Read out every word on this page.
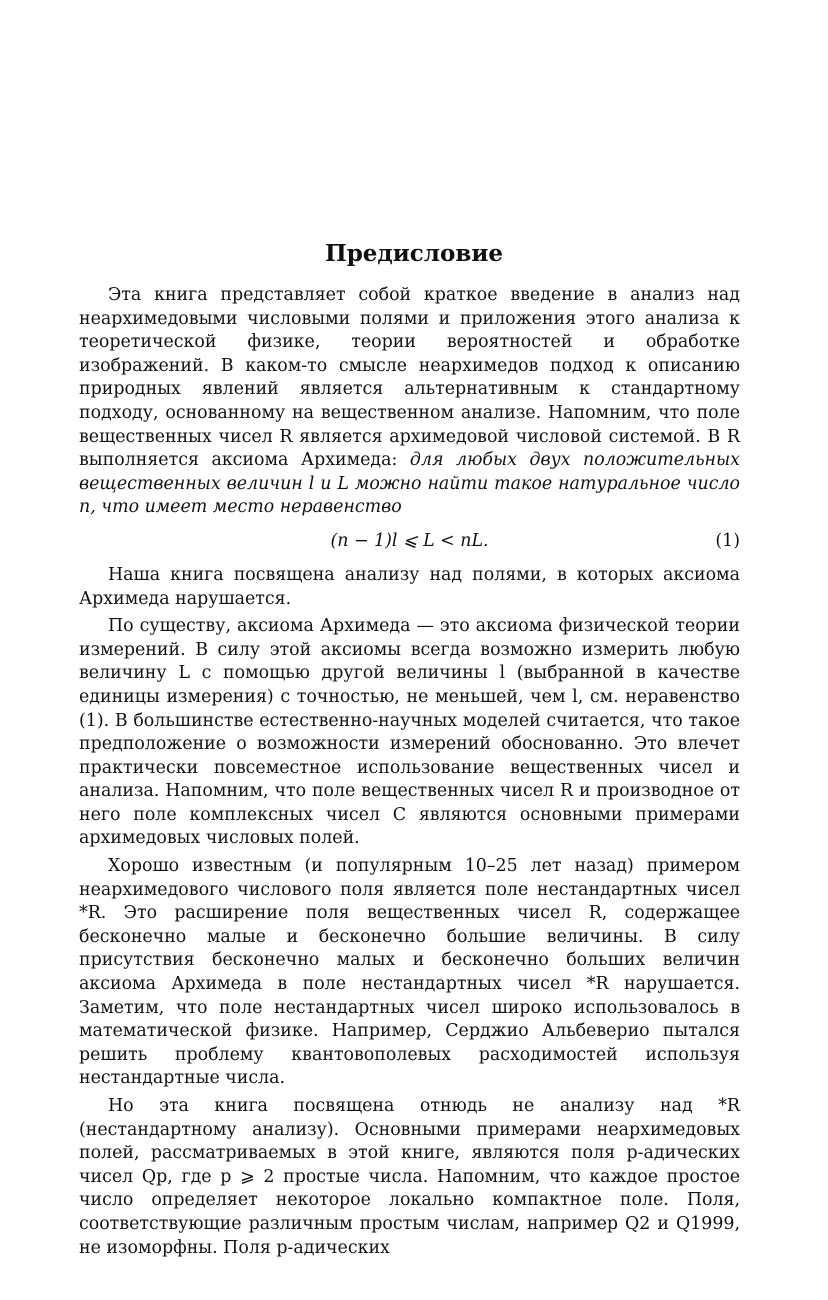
Предисловие

Эта книга представляет собой краткое введение в анализ над неархимедовыми числовыми полями и приложения этого анализа к теоретической физике, теории вероятностей и обработке изображений. В каком-то смысле неархимедов подход к описанию природных явлений является альтернативным к стандартному подходу, основанному на вещественном анализе. Напомним, что поле вещественных чисел R является архимедовой числовой системой. В R выполняется аксиома Архимеда: для любых двух положительных вещественных величин l и L можно найти такое натуральное число n, что имеет место неравенство

(n − 1)l ⩽ L < nL.	(1)

Наша книга посвящена анализу над полями, в которых аксиома Архимеда нарушается.

По существу, аксиома Архимеда — это аксиома физической теории измерений. В силу этой аксиомы всегда возможно измерить любую величину L с помощью другой величины l (выбранной в качестве единицы измерения) с точностью, не меньшей, чем l, см. неравенство (1). В большинстве естественно-научных моделей считается, что такое предположение о возможности измерений обоснованно. Это влечет практически повсеместное использование вещественных чисел и анализа. Напомним, что поле вещественных чисел R и производное от него поле комплексных чисел C являются основными примерами архимедовых числовых полей.

Хорошо известным (и популярным 10–25 лет назад) примером неархимедового числового поля является поле нестандартных чисел *R. Это расширение поля вещественных чисел R, содержащее бесконечно малые и бесконечно большие величины. В силу присутствия бесконечно малых и бесконечно больших величин аксиома Архимеда в поле нестандартных чисел *R нарушается. Заметим, что поле нестандартных чисел широко использовалось в математической физике. Например, Серджио Альбеверио пытался решить проблему квантовополевых расходимостей используя нестандартные числа.

Но эта книга посвящена отнюдь не анализу над *R (нестандартному анализу). Основными примерами неархимедовых полей, рассматриваемых в этой книге, являются поля p-адических чисел Qp, где p ⩾ 2 простые числа. Напомним, что каждое простое число определяет некоторое локально компактное поле. Поля, соответствующие различным простым числам, например Q2 и Q1999, не изоморфны. Поля p-адических
